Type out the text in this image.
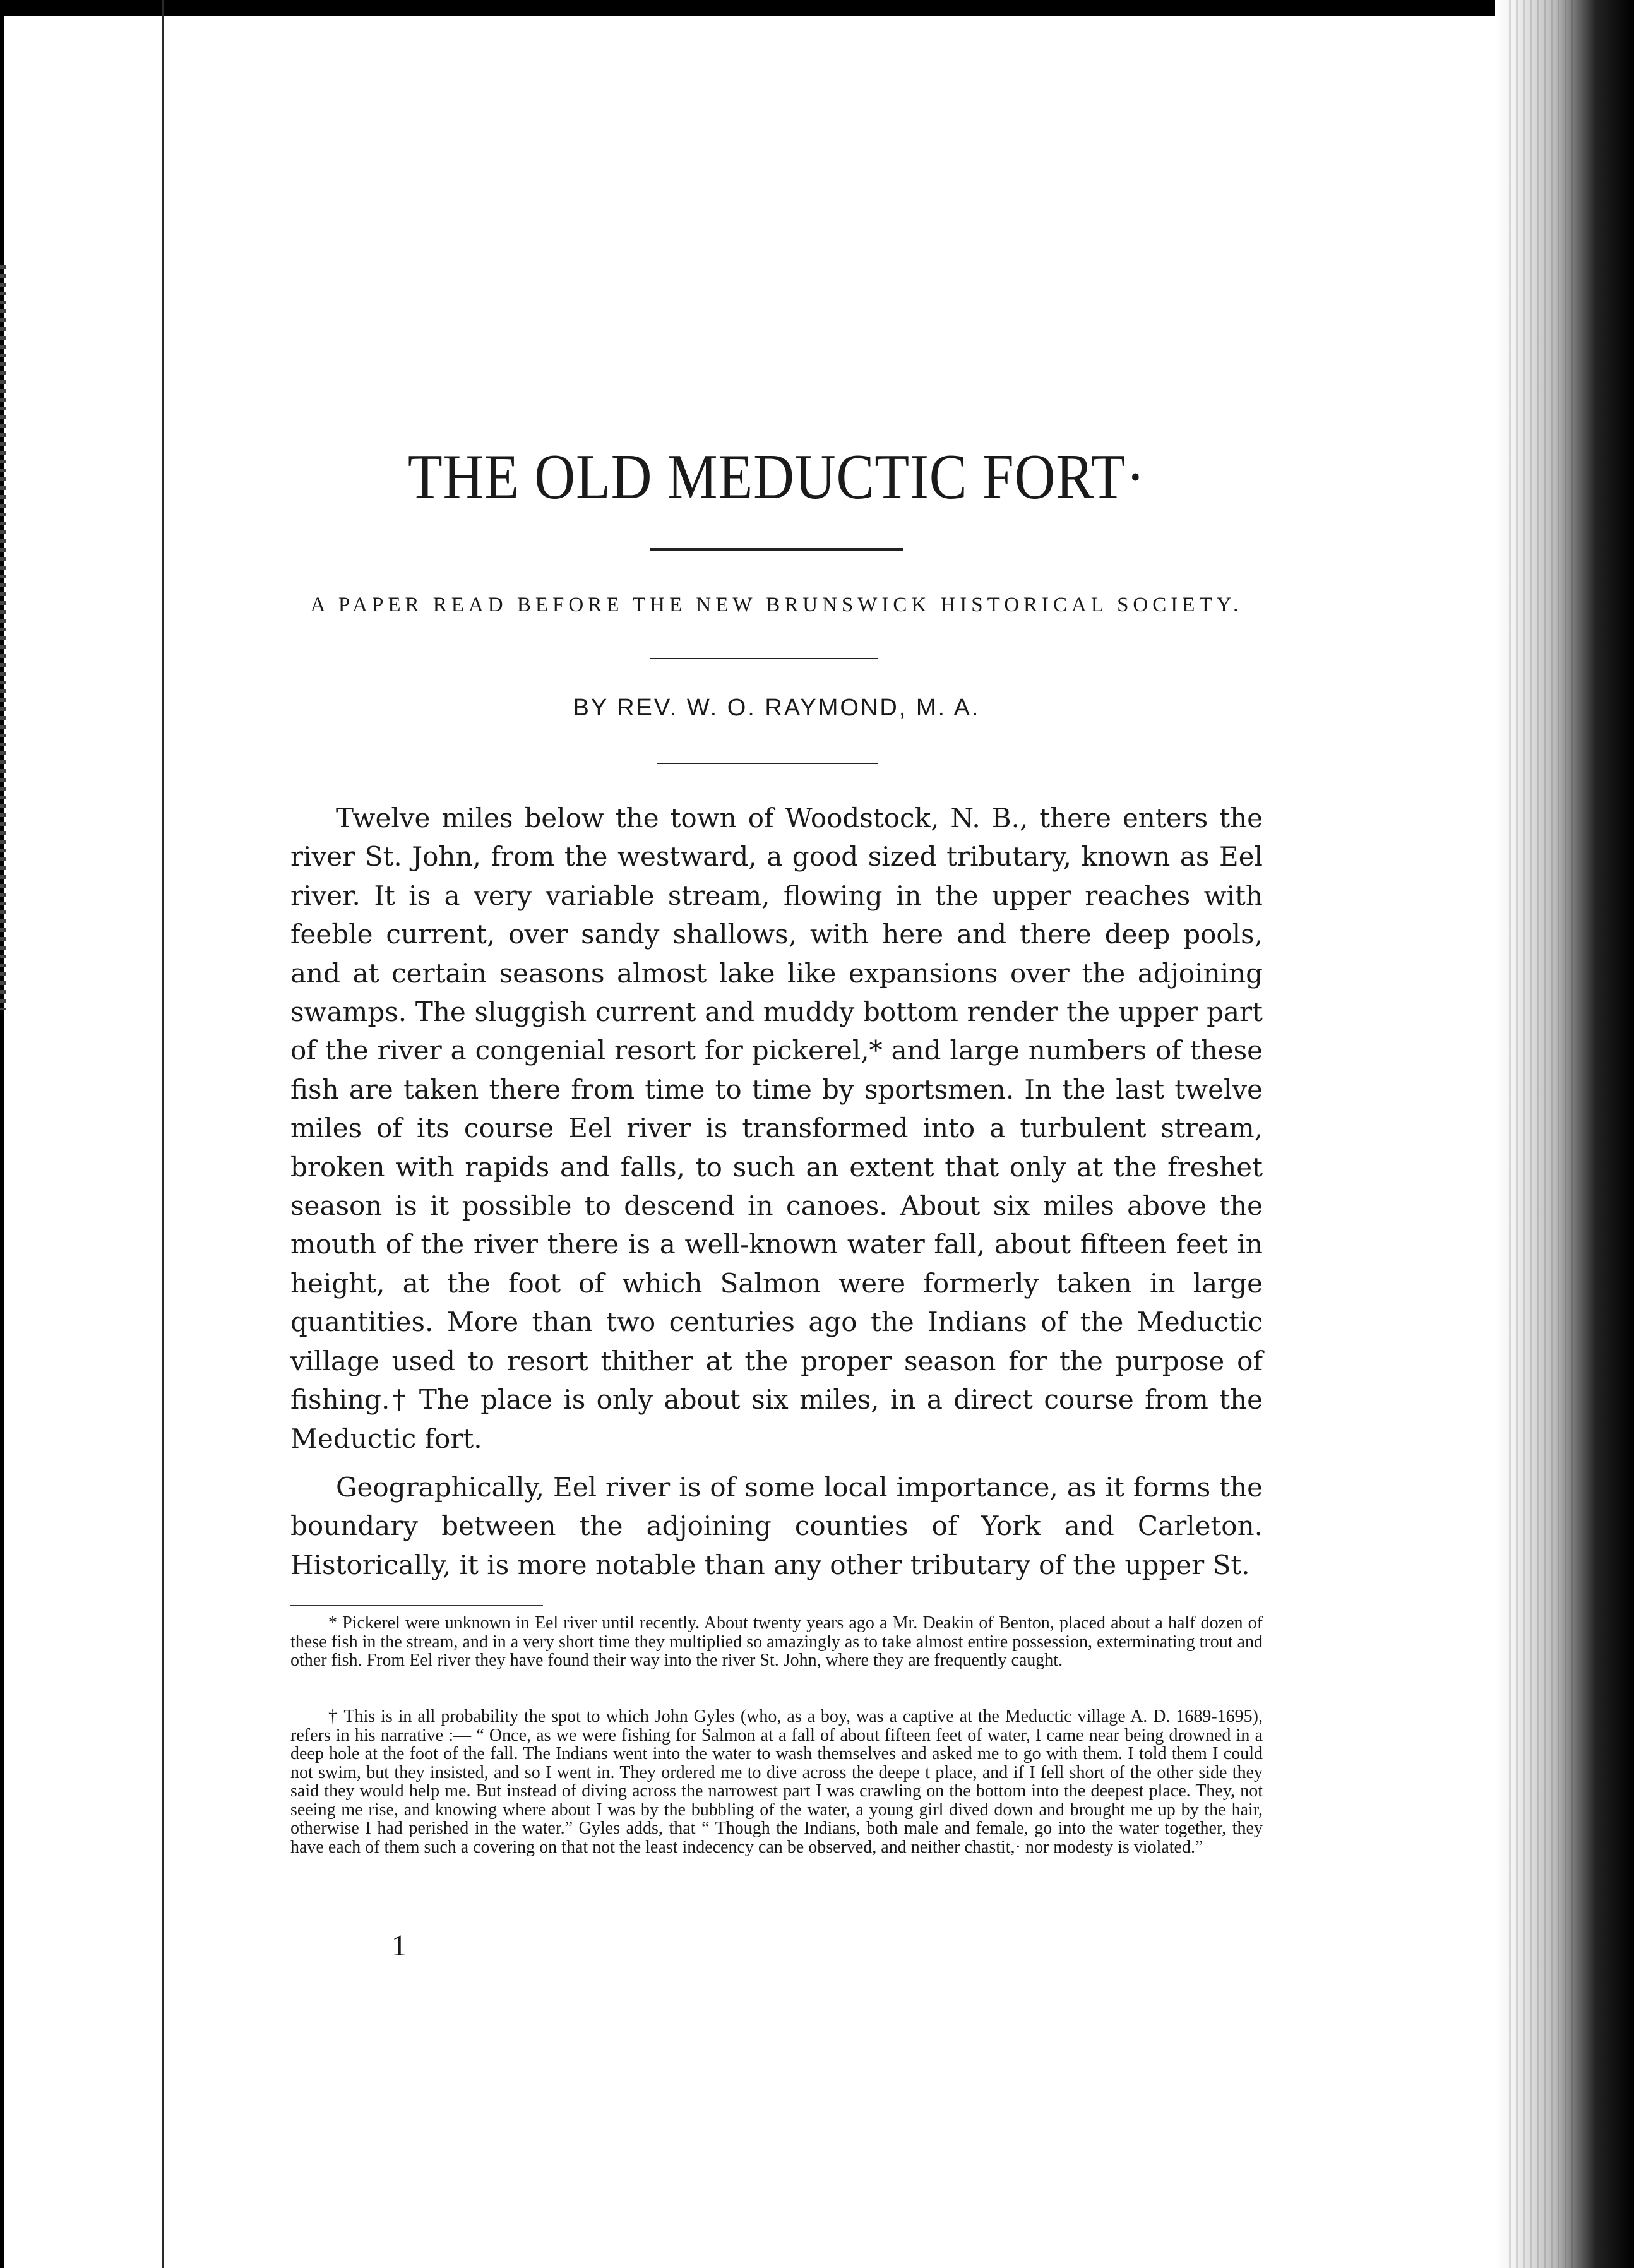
THE OLD MEDUCTIC FORT·
A PAPER READ BEFORE THE NEW BRUNSWICK HISTORICAL SOCIETY.
BY REV. W. O. RAYMOND, M. A.

Twelve miles below the town of Woodstock, N. B., there enters the river St. John, from the westward, a good sized tributary, known as Eel river. It is a very variable stream, flowing in the upper reaches with feeble current, over sandy shallows, with here and there deep pools, and at certain seasons almost lake like expansions over the adjoining swamps. The sluggish current and muddy bottom render the upper part of the river a congenial resort for pickerel,* and large numbers of these fish are taken there from time to time by sportsmen. In the last twelve miles of its course Eel river is transformed into a turbulent stream, broken with rapids and falls, to such an extent that only at the freshet season is it possible to descend in canoes. About six miles above the mouth of the river there is a well-known water fall, about fifteen feet in height, at the foot of which Salmon were formerly taken in large quantities. More than two centuries ago the Indians of the Meductic village used to resort thither at the proper season for the purpose of fishing.† The place is only about six miles, in a direct course from the Meductic fort.

Geographically, Eel river is of some local importance, as it forms the boundary between the adjoining counties of York and Carleton. Historically, it is more notable than any other tributary of the upper St.

* Pickerel were unknown in Eel river until recently. About twenty years ago a Mr. Deakin of Benton, placed about a half dozen of these fish in the stream, and in a very short time they multiplied so amazingly as to take almost entire possession, exterminating trout and other fish. From Eel river they have found their way into the river St. John, where they are frequently caught.

† This is in all probability the spot to which John Gyles (who, as a boy, was a captive at the Meductic village A. D. 1689-1695), refers in his narrative :— “ Once, as we were fishing for Salmon at a fall of about fifteen feet of water, I came near being drowned in a deep hole at the foot of the fall. The Indians went into the water to wash themselves and asked me to go with them. I told them I could not swim, but they insisted, and so I went in. They ordered me to dive across the deepe t place, and if I fell short of the other side they said they would help me. But instead of diving across the narrowest part I was crawling on the bottom into the deepest place. They, not seeing me rise, and knowing where about I was by the bubbling of the water, a young girl dived down and brought me up by the hair, otherwise I had perished in the water.” Gyles adds, that “ Though the Indians, both male and female, go into the water together, they have each of them such a covering on that not the least indecency can be observed, and neither chastit,· nor modesty is violated.”

1
